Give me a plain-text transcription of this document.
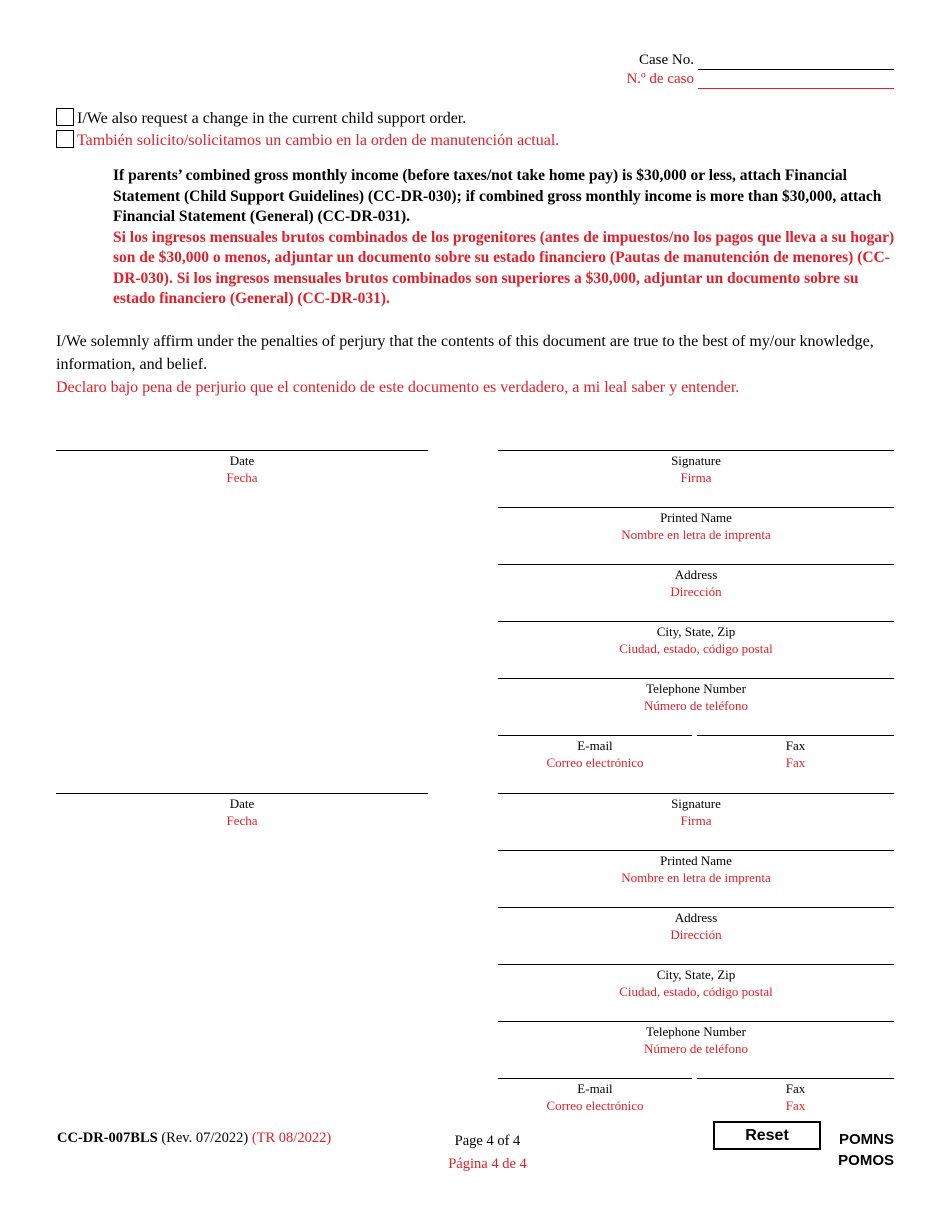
Case No.
N.º de caso
I/We also request a change in the current child support order.
También solicito/solicitamos un cambio en la orden de manutención actual.

If parents’ combined gross monthly income (before taxes/not take home pay) is $30,000 or less, attach Financial Statement (Child Support Guidelines) (CC-DR-030); if combined gross monthly income is more than $30,000, attach Financial Statement (General) (CC-DR-031).

Si los ingresos mensuales brutos combinados de los progenitores (antes de impuestos/no los pagos que lleva a su hogar) son de $30,000 o menos, adjuntar un documento sobre su estado financiero (Pautas de manutención de menores) (CC-DR-030). Si los ingresos mensuales brutos combinados son superiores a $30,000, adjuntar un documento sobre su estado financiero (General) (CC-DR-031).

I/We solemnly affirm under the penalties of perjury that the contents of this document are true to the best of my/our knowledge, information, and belief.

Declaro bajo pena de perjurio que el contenido de este documento es verdadero, a mi leal saber y entender.

Date
Fecha
Signature
Firma
Printed Name
Nombre en letra de imprenta
Address
Dirección
City, State, Zip
Ciudad, estado, código postal
Telephone Number
Número de teléfono
E-mail
Correo electrónico
Fax
Fax
Date
Fecha
Signature
Firma
Printed Name
Nombre en letra de imprenta
Address
Dirección
City, State, Zip
Ciudad, estado, código postal
Telephone Number
Número de teléfono
E-mail
Correo electrónico
Fax
Fax
CC-DR-007BLS (Rev. 07/2022) (TR 08/2022)	Page 4 of 4
Página 4 de 4
Reset	POMNS
POMOS
